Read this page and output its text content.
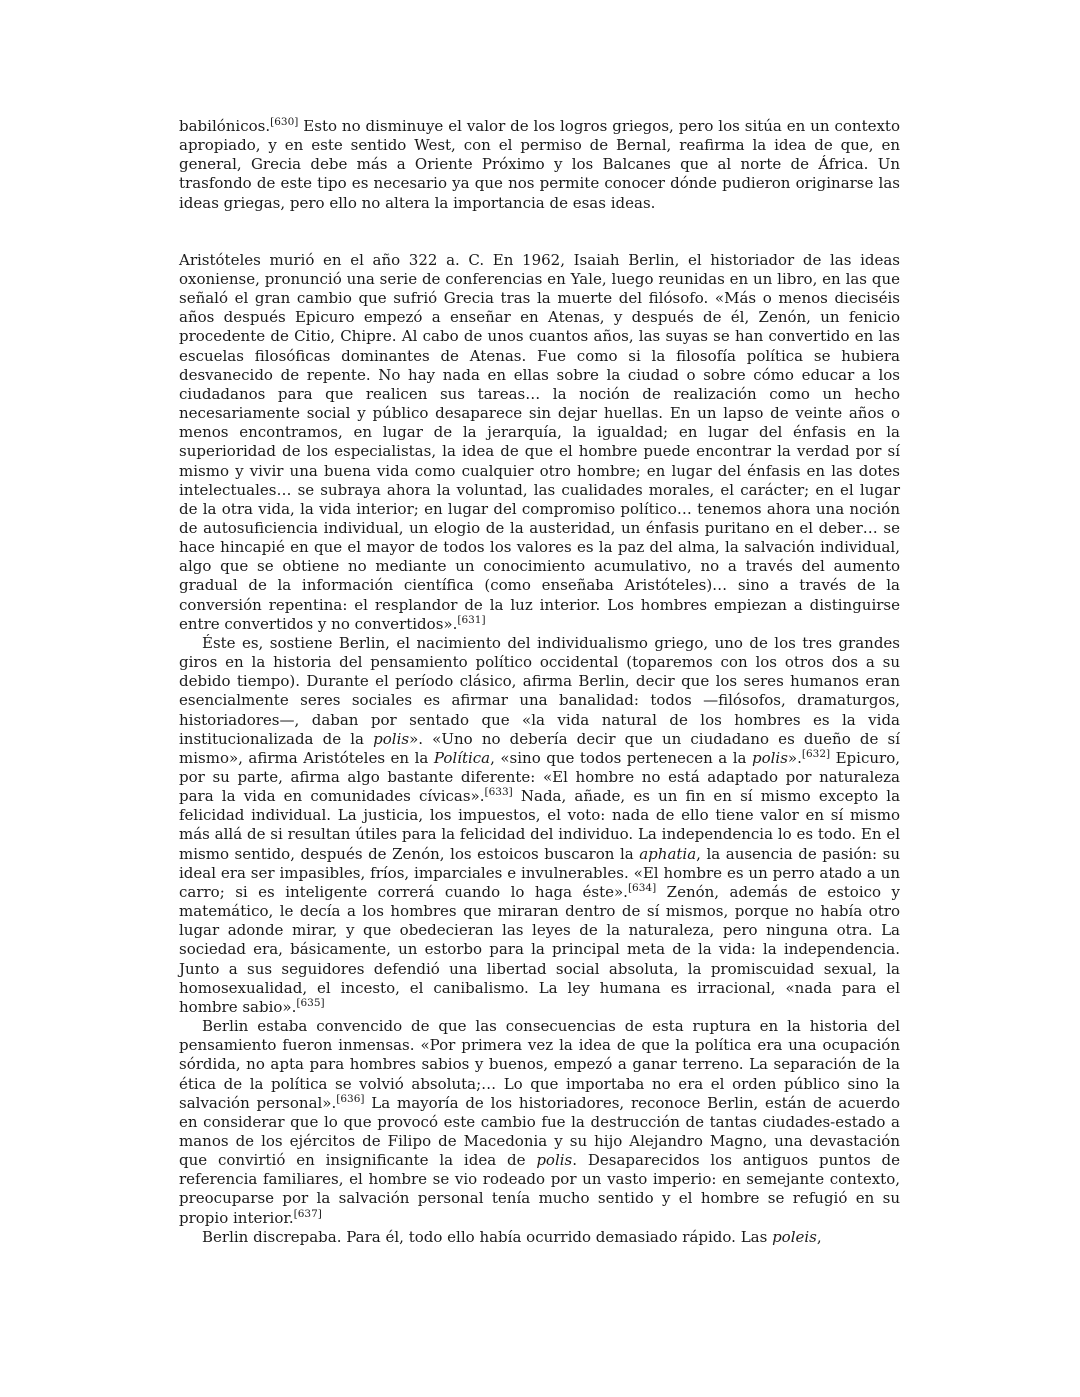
babilónicos.[630] Esto no disminuye el valor de los logros griegos, pero los sitúa en un contexto apropiado, y en este sentido West, con el permiso de Bernal, reafirma la idea de que, en general, Grecia debe más a Oriente Próximo y los Balcanes que al norte de África. Un trasfondo de este tipo es necesario ya que nos permite conocer dónde pudieron originarse las ideas griegas, pero ello no altera la importancia de esas ideas.

Aristóteles murió en el año 322 a. C. En 1962, Isaiah Berlin, el historiador de las ideas oxoniense, pronunció una serie de conferencias en Yale, luego reunidas en un libro, en las que señaló el gran cambio que sufrió Grecia tras la muerte del filósofo. «Más o menos dieciséis años después Epicuro empezó a enseñar en Atenas, y después de él, Zenón, un fenicio procedente de Citio, Chipre. Al cabo de unos cuantos años, las suyas se han convertido en las escuelas filosóficas dominantes de Atenas. Fue como si la filosofía política se hubiera desvanecido de repente. No hay nada en ellas sobre la ciudad o sobre cómo educar a los ciudadanos para que realicen sus tareas… la noción de realización como un hecho necesariamente social y público desaparece sin dejar huellas. En un lapso de veinte años o menos encontramos, en lugar de la jerarquía, la igualdad; en lugar del énfasis en la superioridad de los especialistas, la idea de que el hombre puede encontrar la verdad por sí mismo y vivir una buena vida como cualquier otro hombre; en lugar del énfasis en las dotes intelectuales… se subraya ahora la voluntad, las cualidades morales, el carácter; en el lugar de la otra vida, la vida interior; en lugar del compromiso político… tenemos ahora una noción de autosuficiencia individual, un elogio de la austeridad, un énfasis puritano en el deber… se hace hincapié en que el mayor de todos los valores es la paz del alma, la salvación individual, algo que se obtiene no mediante un conocimiento acumulativo, no a través del aumento gradual de la información científica (como enseñaba Aristóteles)… sino a través de la conversión repentina: el resplandor de la luz interior. Los hombres empiezan a distinguirse entre convertidos y no convertidos».[631]

Éste es, sostiene Berlin, el nacimiento del individualismo griego, uno de los tres grandes giros en la historia del pensamiento político occidental (toparemos con los otros dos a su debido tiempo). Durante el período clásico, afirma Berlin, decir que los seres humanos eran esencialmente seres sociales es afirmar una banalidad: todos —filósofos, dramaturgos, historiadores—, daban por sentado que «la vida natural de los hombres es la vida institucionalizada de la polis». «Uno no debería decir que un ciudadano es dueño de sí mismo», afirma Aristóteles en la Política, «sino que todos pertenecen a la polis».[632] Epicuro, por su parte, afirma algo bastante diferente: «El hombre no está adaptado por naturaleza para la vida en comunidades cívicas».[633] Nada, añade, es un fin en sí mismo excepto la felicidad individual. La justicia, los impuestos, el voto: nada de ello tiene valor en sí mismo más allá de si resultan útiles para la felicidad del individuo. La independencia lo es todo. En el mismo sentido, después de Zenón, los estoicos buscaron la aphatia, la ausencia de pasión: su ideal era ser impasibles, fríos, imparciales e invulnerables. «El hombre es un perro atado a un carro; si es inteligente correrá cuando lo haga éste».[634] Zenón, además de estoico y matemático, le decía a los hombres que miraran dentro de sí mismos, porque no había otro lugar adonde mirar, y que obedecieran las leyes de la naturaleza, pero ninguna otra. La sociedad era, básicamente, un estorbo para la principal meta de la vida: la independencia. Junto a sus seguidores defendió una libertad social absoluta, la promiscuidad sexual, la homosexualidad, el incesto, el canibalismo. La ley humana es irracional, «nada para el hombre sabio».[635]

Berlin estaba convencido de que las consecuencias de esta ruptura en la historia del pensamiento fueron inmensas. «Por primera vez la idea de que la política era una ocupación sórdida, no apta para hombres sabios y buenos, empezó a ganar terreno. La separación de la ética de la política se volvió absoluta;… Lo que importaba no era el orden público sino la salvación personal».[636] La mayoría de los historiadores, reconoce Berlin, están de acuerdo en considerar que lo que provocó este cambio fue la destrucción de tantas ciudades-estado a manos de los ejércitos de Filipo de Macedonia y su hijo Alejandro Magno, una devastación que convirtió en insignificante la idea de polis. Desaparecidos los antiguos puntos de referencia familiares, el hombre se vio rodeado por un vasto imperio: en semejante contexto, preocuparse por la salvación personal tenía mucho sentido y el hombre se refugió en su propio interior.[637]

Berlin discrepaba. Para él, todo ello había ocurrido demasiado rápido. Las poleis,
